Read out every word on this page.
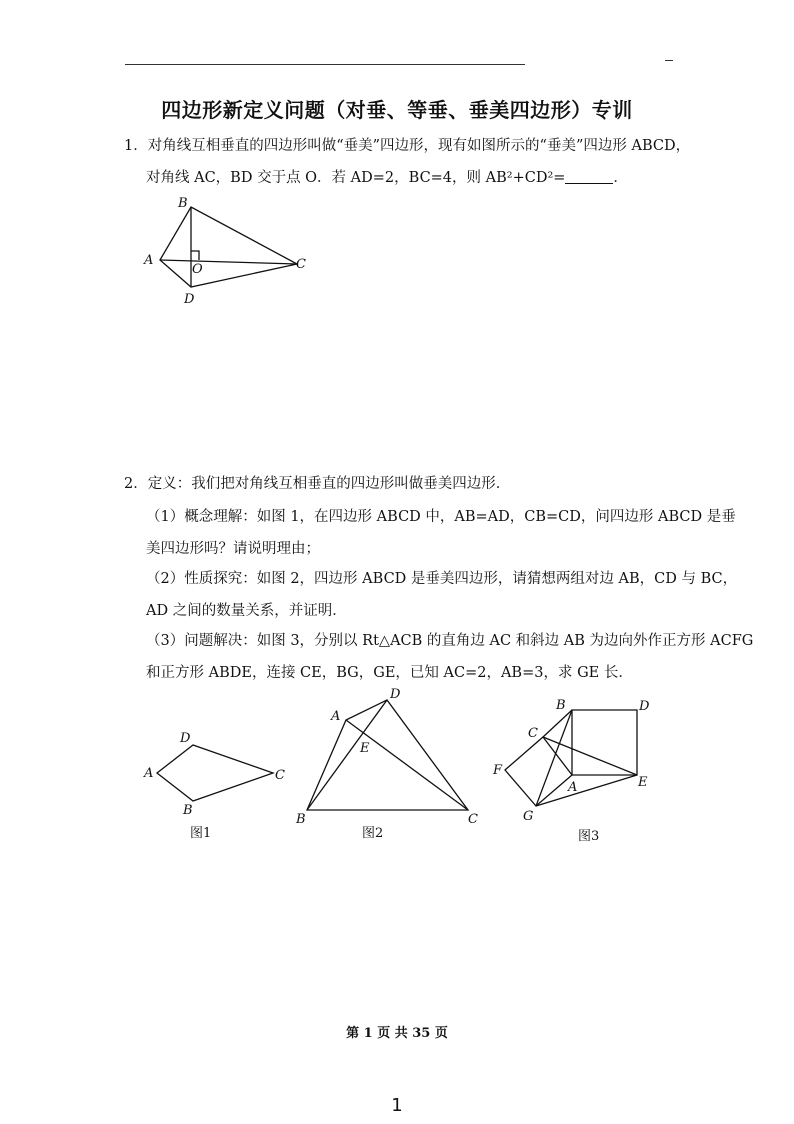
四边形新定义问题（对垂、等垂、垂美四边形）专训
1．对角线互相垂直的四边形叫做“垂美”四边形，现有如图所示的“垂美”四边形 ABCD，
对角线 AC，BD 交于点 O．若 AD=2，BC=4，则 AB²+CD²=	．
A
B
C
D
O
2．定义：我们把对角线互相垂直的四边形叫做垂美四边形．
（1）概念理解：如图 1，在四边形 ABCD 中，AB=AD，CB=CD，问四边形 ABCD 是垂
美四边形吗？请说明理由；
（2）性质探究：如图 2，四边形 ABCD 是垂美四边形，请猜想两组对边 AB，CD 与 BC，
AD 之间的数量关系，并证明．
（3）问题解决：如图 3，分别以 Rt△ACB 的直角边 AC 和斜边 AB 为边向外作正方形 ACFG
和正方形 ABDE，连接 CE，BG，GE，已知 AC=2，AB=3，求 GE 长．
A
D
C
B
A
D
E
B	C
B	D
C
F
A	E
G
图1	图2	图3
第 1 页 共 35 页
1
